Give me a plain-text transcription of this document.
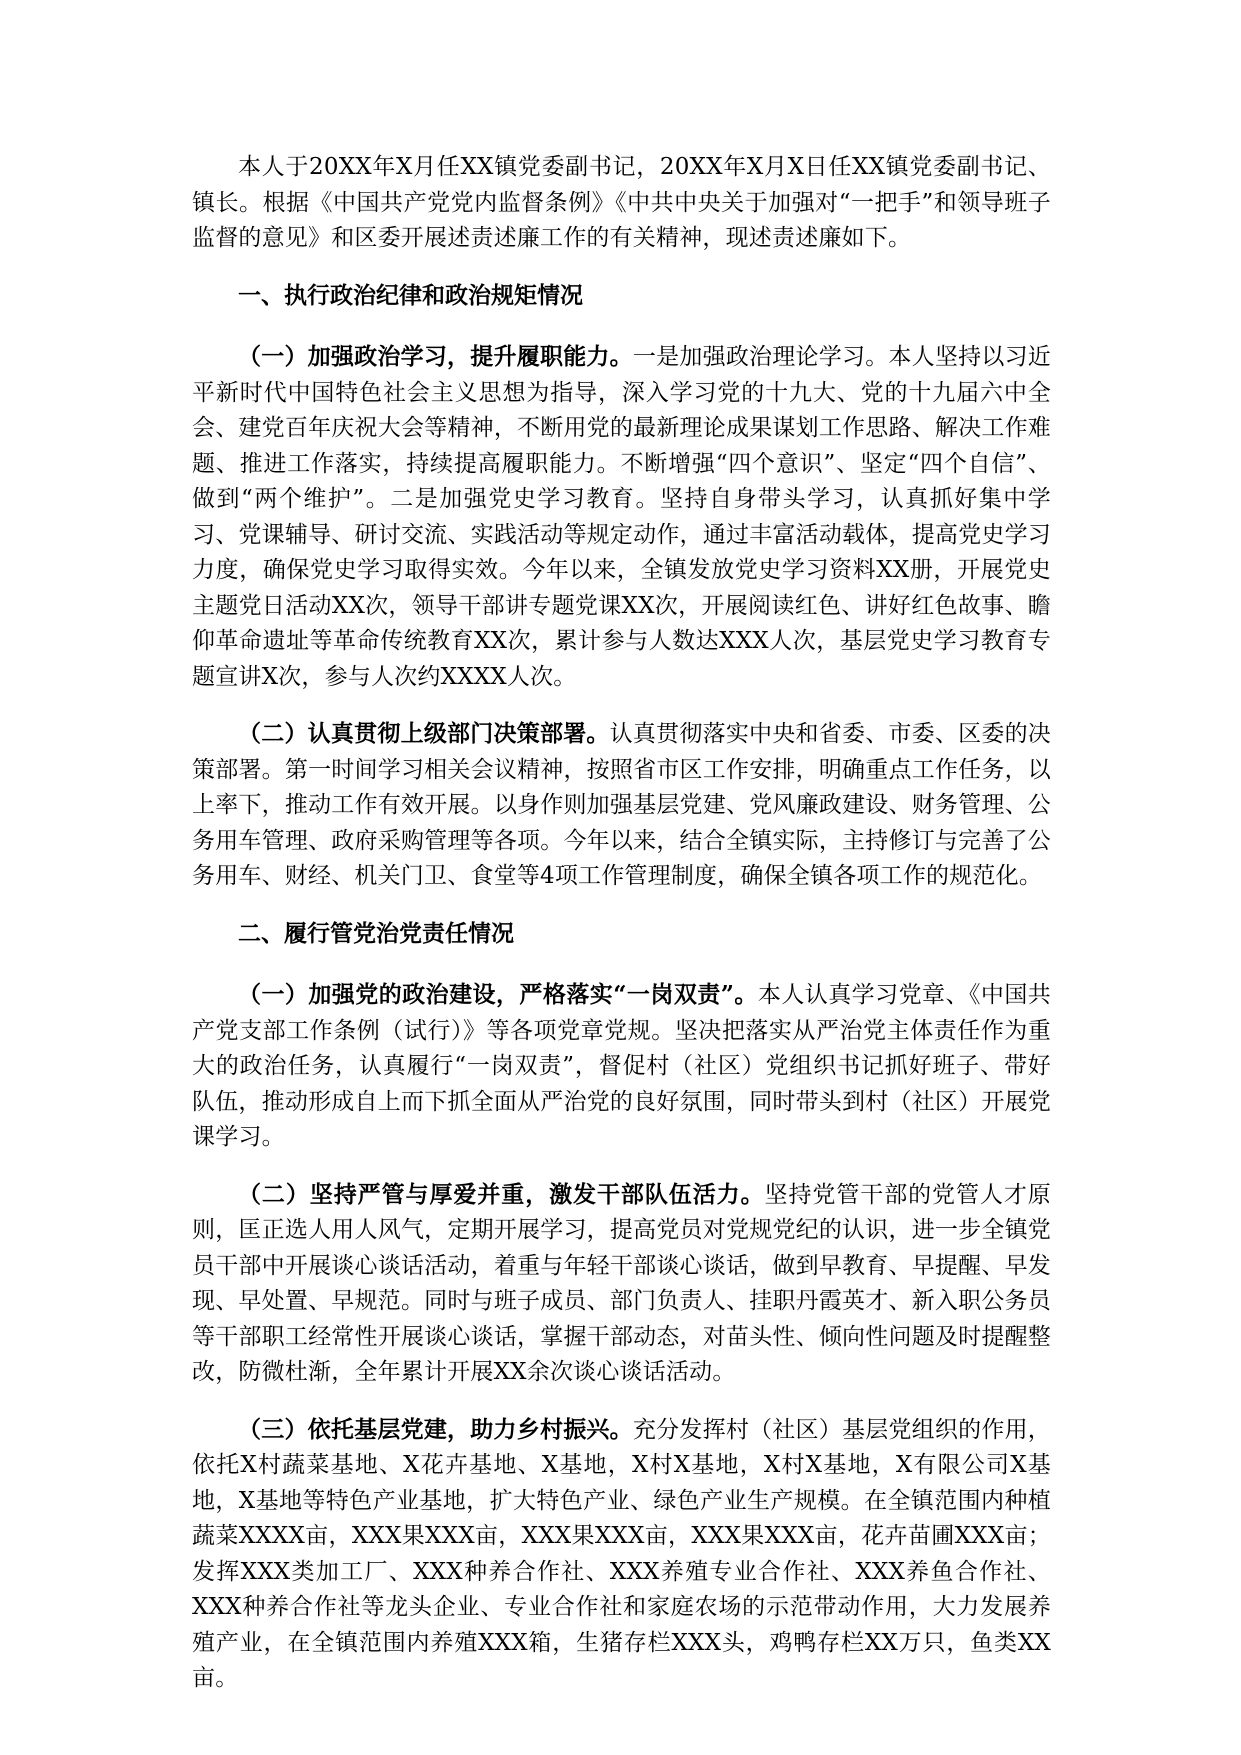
本人于20XX年X月任XX镇党委副书记，20XX年X月X日任XX镇党委副书记、镇长。根据《中国共产党党内监督条例》《中共中央关于加强对“一把手”和领导班子监督的意见》和区委开展述责述廉工作的有关精神，现述责述廉如下。

一、执行政治纪律和政治规矩情况

（一）加强政治学习，提升履职能力。一是加强政治理论学习。本人坚持以习近平新时代中国特色社会主义思想为指导，深入学习党的十九大、党的十九届六中全会、建党百年庆祝大会等精神，不断用党的最新理论成果谋划工作思路、解决工作难题、推进工作落实，持续提高履职能力。不断增强“四个意识”、坚定“四个自信”、做到“两个维护”。二是加强党史学习教育。坚持自身带头学习，认真抓好集中学习、党课辅导、研讨交流、实践活动等规定动作，通过丰富活动载体，提高党史学习力度，确保党史学习取得实效。今年以来，全镇发放党史学习资料XX册，开展党史主题党日活动XX次，领导干部讲专题党课XX次，开展阅读红色、讲好红色故事、瞻仰革命遗址等革命传统教育XX次，累计参与人数达XXX人次，基层党史学习教育专题宣讲X次，参与人次约XXXX人次。

（二）认真贯彻上级部门决策部署。认真贯彻落实中央和省委、市委、区委的决策部署。第一时间学习相关会议精神，按照省市区工作安排，明确重点工作任务，以上率下，推动工作有效开展。以身作则加强基层党建、党风廉政建设、财务管理、公务用车管理、政府采购管理等各项。今年以来，结合全镇实际，主持修订与完善了公务用车、财经、机关门卫、食堂等4项工作管理制度，确保全镇各项工作的规范化。

二、履行管党治党责任情况

（一）加强党的政治建设，严格落实“一岗双责”。本人认真学习党章、《中国共产党支部工作条例（试行）》等各项党章党规。坚决把落实从严治党主体责任作为重大的政治任务，认真履行“一岗双责”，督促村（社区）党组织书记抓好班子、带好队伍，推动形成自上而下抓全面从严治党的良好氛围，同时带头到村（社区）开展党课学习。

（二）坚持严管与厚爱并重，激发干部队伍活力。坚持党管干部的党管人才原则，匡正选人用人风气，定期开展学习，提高党员对党规党纪的认识，进一步全镇党员干部中开展谈心谈话活动，着重与年轻干部谈心谈话，做到早教育、早提醒、早发现、早处置、早规范。同时与班子成员、部门负责人、挂职丹霞英才、新入职公务员等干部职工经常性开展谈心谈话，掌握干部动态，对苗头性、倾向性问题及时提醒整改，防微杜渐，全年累计开展XX余次谈心谈话活动。

（三）依托基层党建，助力乡村振兴。充分发挥村（社区）基层党组织的作用，依托X村蔬菜基地、X花卉基地、X基地，X村X基地，X村X基地，X有限公司X基地，X基地等特色产业基地，扩大特色产业、绿色产业生产规模。在全镇范围内种植蔬菜XXXX亩，XXX果XXX亩，XXX果XXX亩，XXX果XXX亩，花卉苗圃XXX亩；发挥XXX类加工厂、XXX种养合作社、XXX养殖专业合作社、XXX养鱼合作社、XXX种养合作社等龙头企业、专业合作社和家庭农场的示范带动作用，大力发展养殖产业，在全镇范围内养殖XXX箱，生猪存栏XXX头，鸡鸭存栏XX万只，鱼类XX亩。
